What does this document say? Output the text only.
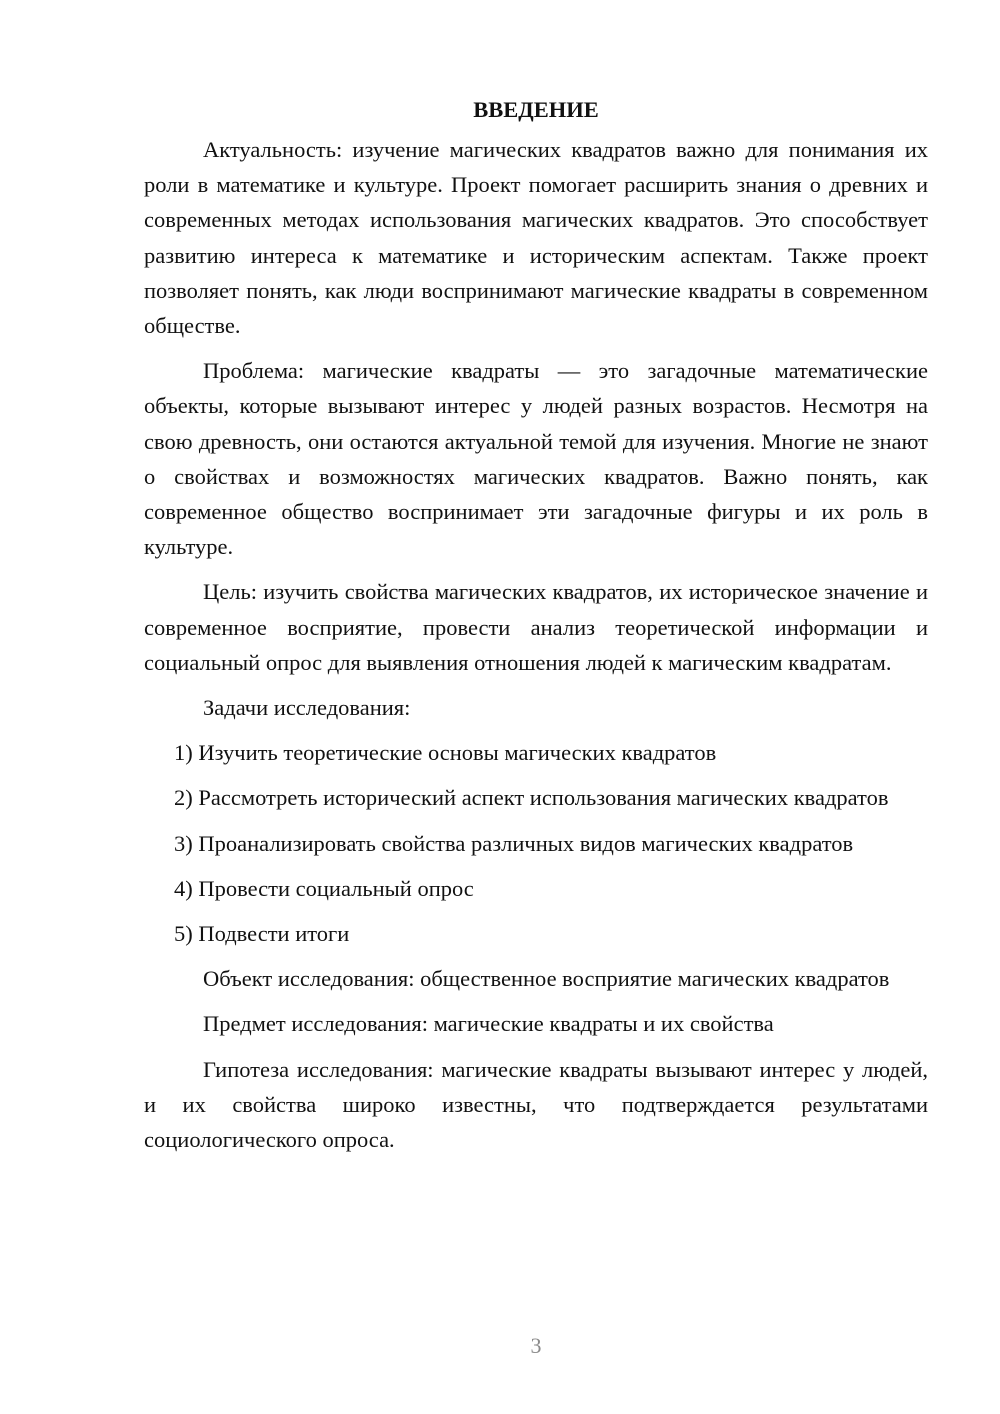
ВВЕДЕНИЕ

Актуальность: изучение магических квадратов важно для понимания их роли в математике и культуре. Проект помогает расширить знания о древних и современных методах использования магических квадратов. Это способствует развитию интереса к математике и историческим аспектам. Также проект позволяет понять, как люди воспринимают магические квадраты в современном обществе.

Проблема: магические квадраты — это загадочные математические объекты, которые вызывают интерес у людей разных возрастов. Несмотря на свою древность, они остаются актуальной темой для изучения. Многие не знают о свойствах и возможностях магических квадратов. Важно понять, как современное общество воспринимает эти загадочные фигуры и их роль в культуре.

Цель: изучить свойства магических квадратов, их историческое значение и современное восприятие, провести анализ теоретической информации и социальный опрос для выявления отношения людей к магическим квадратам.

Задачи исследования:

1) Изучить теоретические основы магических квадратов

2) Рассмотреть исторический аспект использования магических квадратов

3) Проанализировать свойства различных видов магических квадратов

4) Провести социальный опрос

5) Подвести итоги

Объект исследования: общественное восприятие магических квадратов

Предмет исследования: магические квадраты и их свойства

Гипотеза исследования: магические квадраты вызывают интерес у людей, и их свойства широко известны, что подтверждается результатами социологического опроса.

3
